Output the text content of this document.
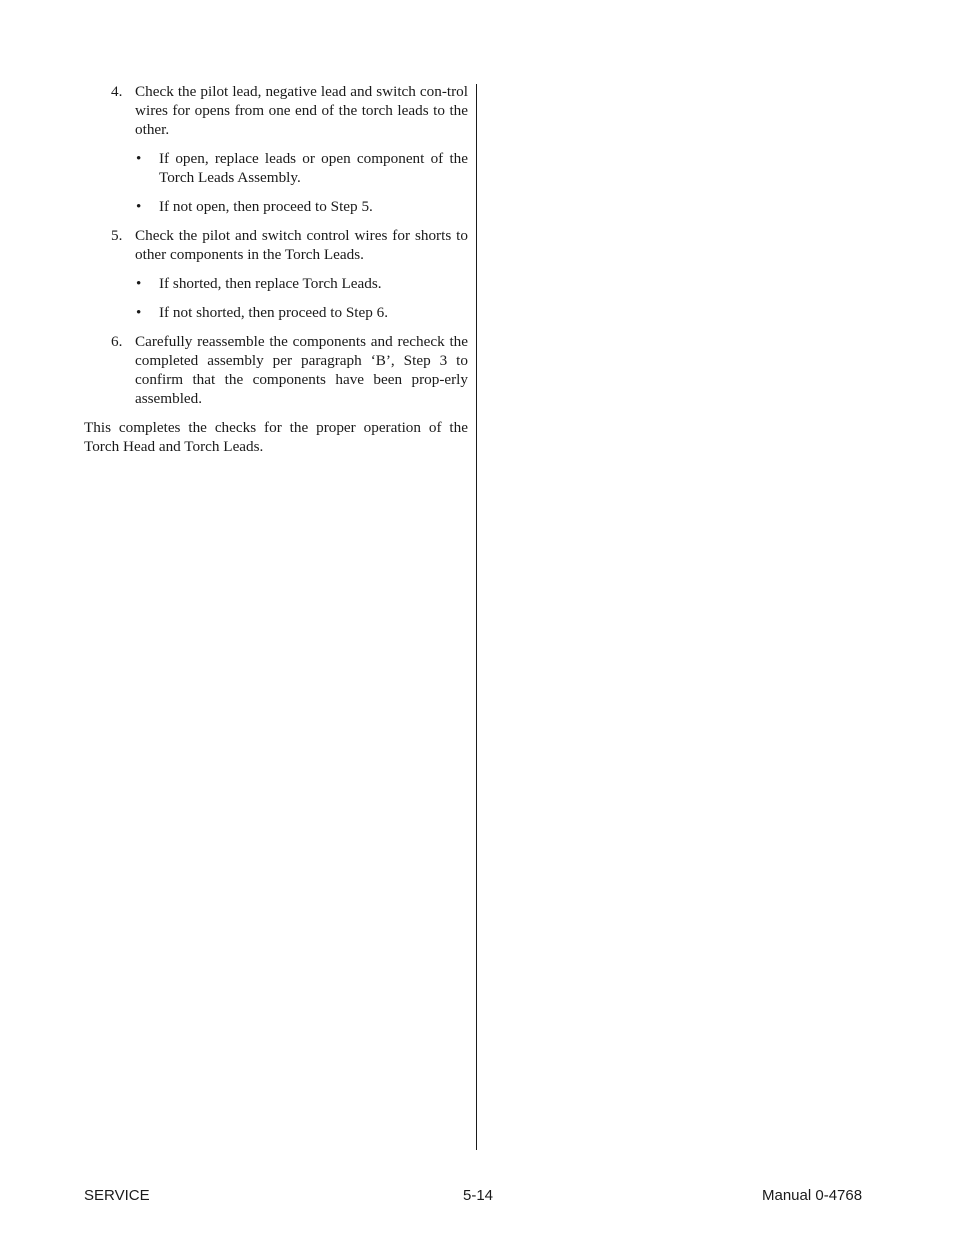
4. Check the pilot lead, negative lead and switch con-trol wires for opens from one end of the torch leads to the other.
• If open, replace leads or open component of the Torch Leads Assembly.
• If not open, then proceed to Step 5.
5. Check the pilot and switch control wires for shorts to other components in the Torch Leads.
• If shorted, then replace Torch Leads.
• If not shorted, then proceed to Step 6.
6. Carefully reassemble the components and recheck the completed assembly per paragraph ‘B’, Step 3 to confirm that the components have been prop-erly assembled.

This completes the checks for the proper operation of the Torch Head and Torch Leads.

SERVICE	5-14	Manual 0-4768
